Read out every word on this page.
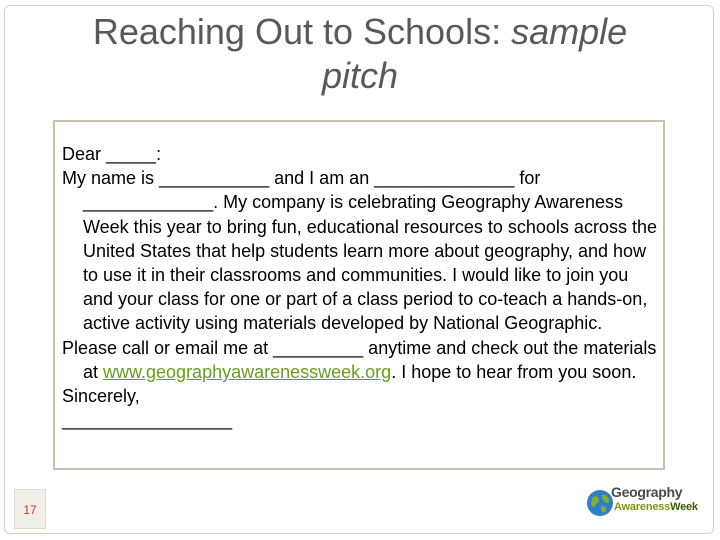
Reaching Out to Schools: sample
pitch

Dear _____:

My name is ___________ and I am an ______________ for _____________. My company is celebrating Geography Awareness Week this year to bring fun, educational resources to schools across the United States that help students learn more about geography, and how to use it in their classrooms and communities. I would like to join you and your class for one or part of a class period to co-teach a hands-on, active activity using materials developed by National Geographic.

Please call or email me at _________ anytime and check out the materials at www.geographyawarenessweek.org. I hope to hear from you soon.

Sincerely,

_________________

17
Geography
AwarenessWeek
